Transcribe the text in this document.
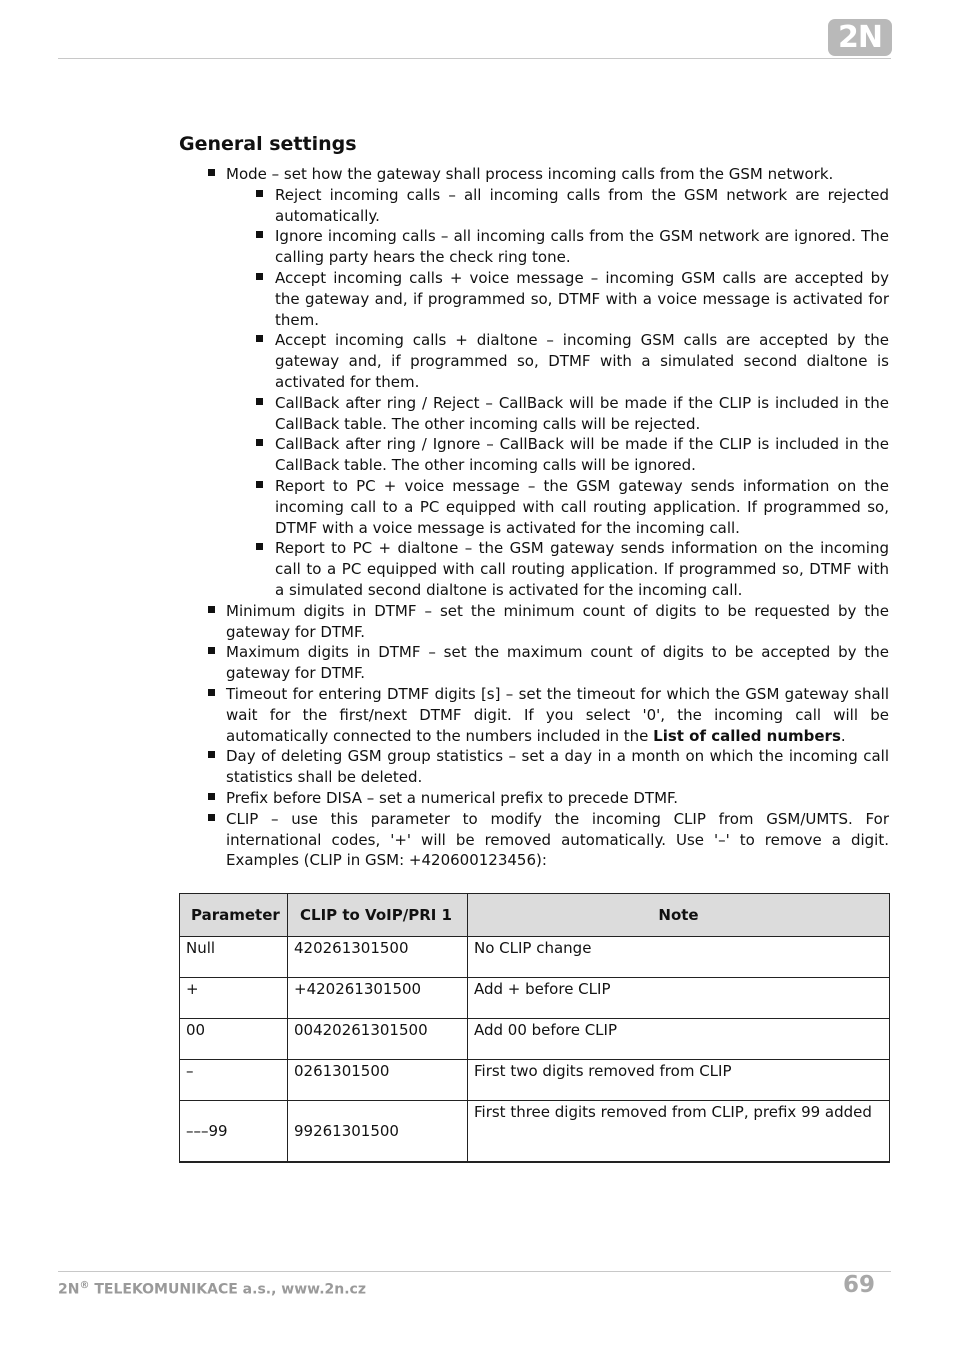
2N
General settings
Mode – set how the gateway shall process incoming calls from the GSM network.
Reject incoming calls – all incoming calls from the GSM network are rejected automatically.
Ignore incoming calls – all incoming calls from the GSM network are ignored. The calling party hears the check ring tone.
Accept incoming calls + voice message – incoming GSM calls are accepted by the gateway and, if programmed so, DTMF with a voice message is activated for them.
Accept incoming calls + dialtone – incoming GSM calls are accepted by the gateway and, if programmed so, DTMF with a simulated second dialtone is activated for them.
CallBack after ring / Reject – CallBack will be made if the CLIP is included in the CallBack table. The other incoming calls will be rejected.
CallBack after ring / Ignore – CallBack will be made if the CLIP is included in the CallBack table. The other incoming calls will be ignored.
Report to PC + voice message – the GSM gateway sends information on the incoming call to a PC equipped with call routing application. If programmed so, DTMF with a voice message is activated for the incoming call.
Report to PC + dialtone – the GSM gateway sends information on the incoming call to a PC equipped with call routing application. If programmed so, DTMF with a simulated second dialtone is activated for the incoming call.
Minimum digits in DTMF – set the minimum count of digits to be requested by the gateway for DTMF.
Maximum digits in DTMF – set the maximum count of digits to be accepted by the gateway for DTMF.
Timeout for entering DTMF digits [s] – set the timeout for which the GSM gateway shall wait for the first/next DTMF digit. If you select '0', the incoming call will be automatically connected to the numbers included in the List of called numbers.
Day of deleting GSM group statistics – set a day in a month on which the incoming call statistics shall be deleted.
Prefix before DISA – set a numerical prefix to precede DTMF.
CLIP – use this parameter to modify the incoming CLIP from GSM/UMTS. For international codes, '+' will be removed automatically. Use '–' to remove a digit. Examples (CLIP in GSM: +420600123456):
Parameter	CLIP to VoIP/PRI 1	Note
Null	420261301500	No CLIP change
+	+420261301500	Add + before CLIP
00	00420261301500	Add 00 before CLIP
–	0261301500	First two digits removed from CLIP
–––99	99261301500	First three digits removed from CLIP, prefix 99 added
2N® TELEKOMUNIKACE a.s., www.2n.cz	69
